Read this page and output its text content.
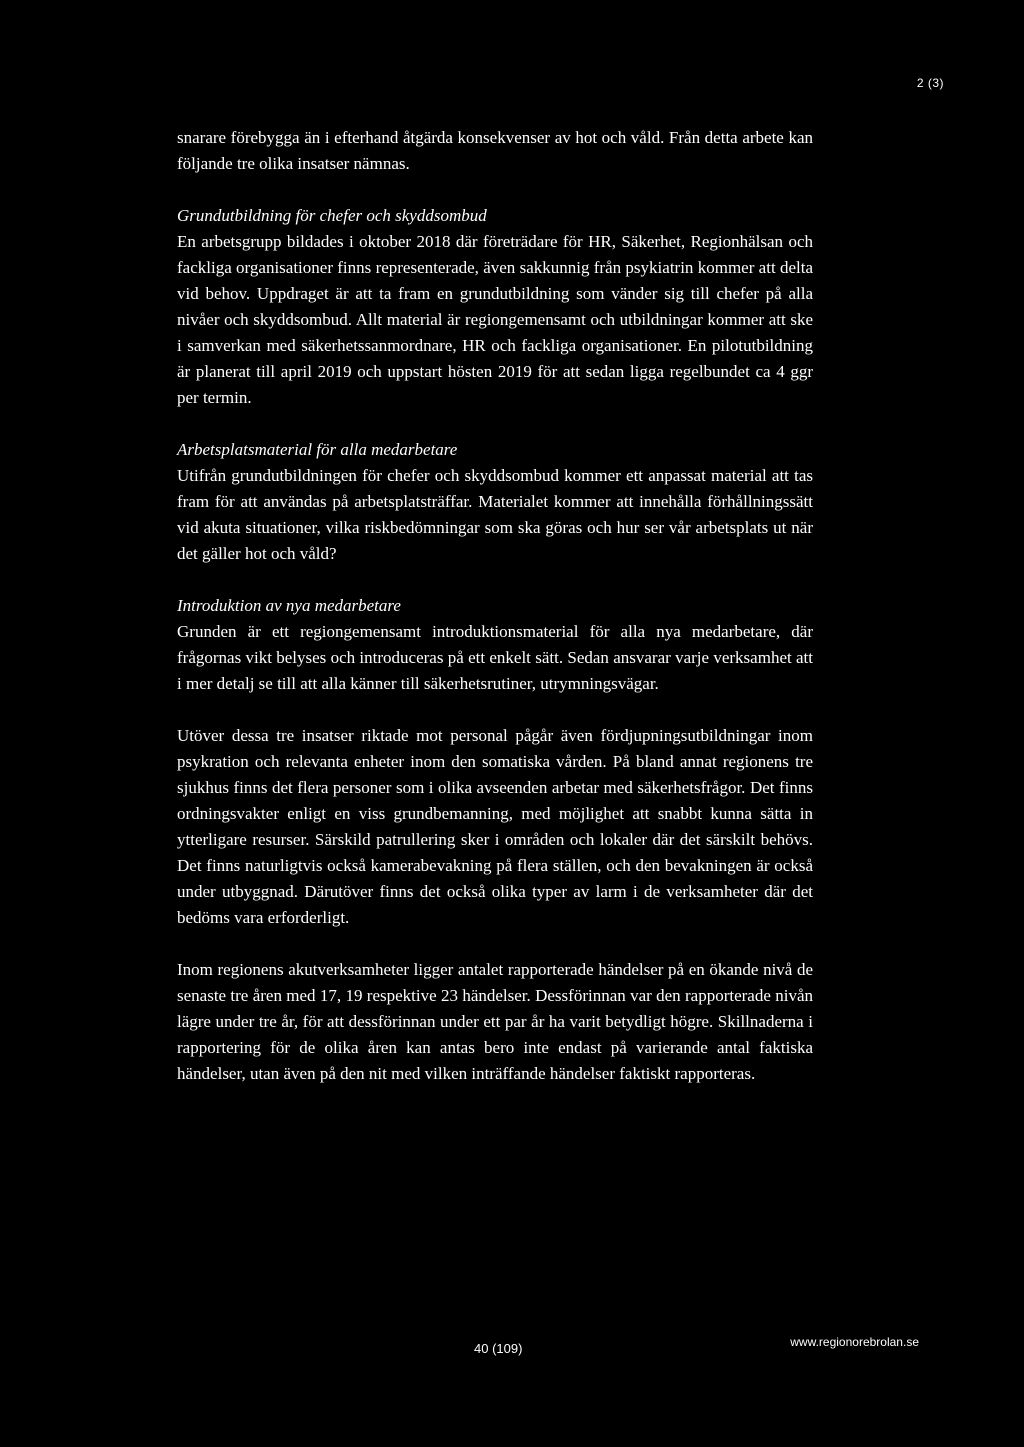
2 (3)

snarare förebygga än i efterhand åtgärda konsekvenser av hot och våld. Från detta arbete kan följande tre olika insatser nämnas.

Grundutbildning för chefer och skyddsombud

En arbetsgrupp bildades i oktober 2018 där företrädare för HR, Säkerhet, Regionhälsan och fackliga organisationer finns representerade, även sakkunnig från psykiatrin kommer att delta vid behov. Uppdraget är att ta fram en grundutbildning som vänder sig till chefer på alla nivåer och skyddsombud. Allt material är regiongemensamt och utbildningar kommer att ske i samverkan med säkerhetssanmordnare, HR och fackliga organisationer. En pilotutbildning är planerat till april 2019 och uppstart hösten 2019 för att sedan ligga regelbundet ca 4 ggr per termin.

Arbetsplatsmaterial för alla medarbetare

Utifrån grundutbildningen för chefer och skyddsombud kommer ett anpassat material att tas fram för att användas på arbetsplatsträffar. Materialet kommer att innehålla förhållningssätt vid akuta situationer, vilka riskbedömningar som ska göras och hur ser vår arbetsplats ut när det gäller hot och våld?

Introduktion av nya medarbetare

Grunden är ett regiongemensamt introduktionsmaterial för alla nya medarbetare, där frågornas vikt belyses och introduceras på ett enkelt sätt. Sedan ansvarar varje verksamhet att i mer detalj se till att alla känner till säkerhetsrutiner, utrymningsvägar.

Utöver dessa tre insatser riktade mot personal pågår även fördjupningsutbildningar inom psykration och relevanta enheter inom den somatiska vården. På bland annat regionens tre sjukhus finns det flera personer som i olika avseenden arbetar med säkerhetsfrågor. Det finns ordningsvakter enligt en viss grundbemanning, med möjlighet att snabbt kunna sätta in ytterligare resurser. Särskild patrullering sker i områden och lokaler där det särskilt behövs. Det finns naturligtvis också kamerabevakning på flera ställen, och den bevakningen är också under utbyggnad. Därutöver finns det också olika typer av larm i de verksamheter där det bedöms vara erforderligt.

Inom regionens akutverksamheter ligger antalet rapporterade händelser på en ökande nivå de senaste tre åren med 17, 19 respektive 23 händelser. Dessförinnan var den rapporterade nivån lägre under tre år, för att dessförinnan under ett par år ha varit betydligt högre. Skillnaderna i rapportering för de olika åren kan antas bero inte endast på varierande antal faktiska händelser, utan även på den nit med vilken inträffande händelser faktiskt rapporteras.

40 (109)	www.regionorebrolan.se
